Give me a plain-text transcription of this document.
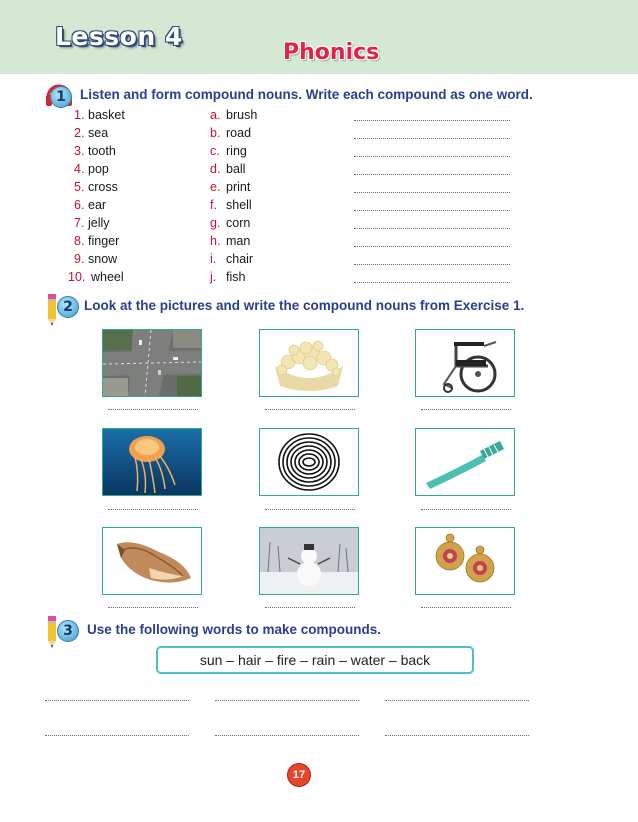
Lesson 4
Phonics
1	Listen and form compound nouns. Write each compound as one word.
1. basket	a. brush
2. sea	b. road
3. tooth	c. ring
4. pop	d. ball
5. cross	e. print
6. ear	f. shell
7. jelly	g. corn
8. finger	h. man
9. snow	i. chair
10. wheel	j. fish
2 Look at the pictures and write the compound nouns from Exercise 1.
3	Use the following words to make compounds.
sun – hair – fire – rain – water – back
17
